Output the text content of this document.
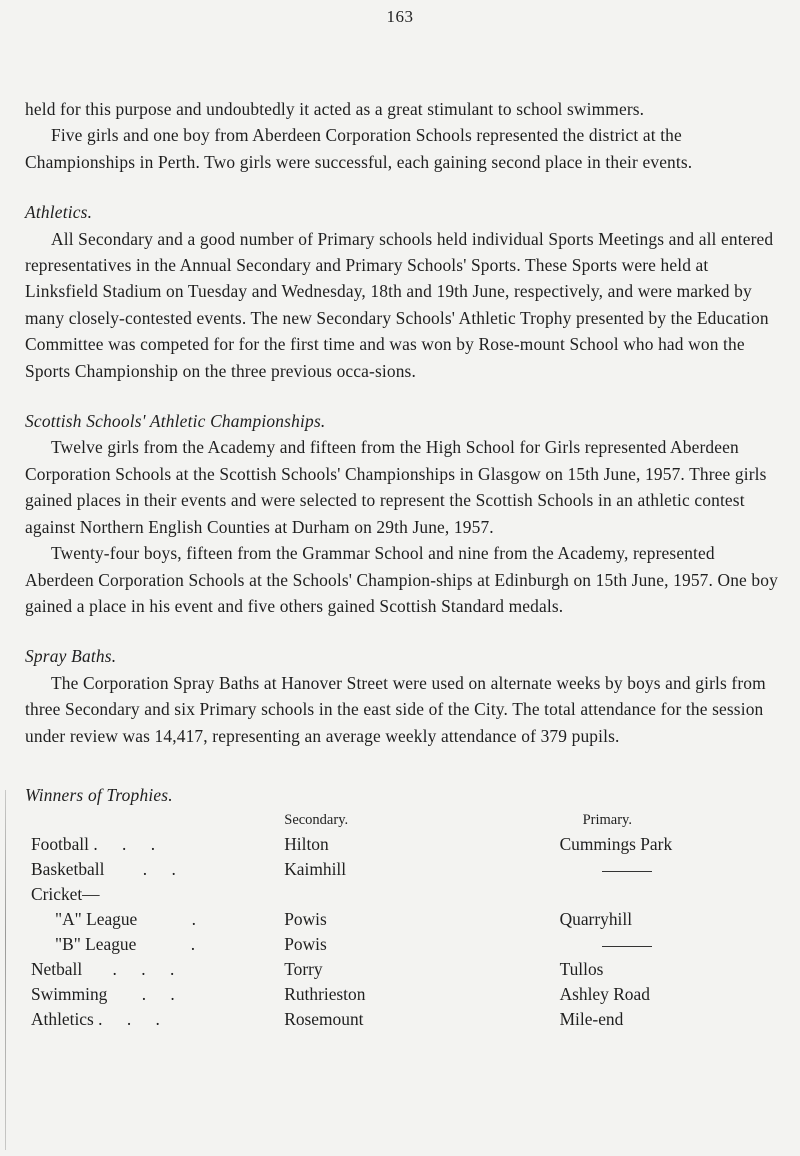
163

held for this purpose and undoubtedly it acted as a great stimulant to school swimmers.

Five girls and one boy from Aberdeen Corporation Schools represented the district at the Championships in Perth. Two girls were successful, each gaining second place in their events.

Athletics.

All Secondary and a good number of Primary schools held individual Sports Meetings and all entered representatives in the Annual Secondary and Primary Schools' Sports. These Sports were held at Linksfield Stadium on Tuesday and Wednesday, 18th and 19th June, respectively, and were marked by many closely-contested events. The new Secondary Schools' Athletic Trophy presented by the Education Committee was competed for for the first time and was won by Rose-mount School who had won the Sports Championship on the three previous occa-sions.

Scottish Schools' Athletic Championships.

Twelve girls from the Academy and fifteen from the High School for Girls represented Aberdeen Corporation Schools at the Scottish Schools' Championships in Glasgow on 15th June, 1957. Three girls gained places in their events and were selected to represent the Scottish Schools in an athletic contest against Northern English Counties at Durham on 29th June, 1957.

Twenty-four boys, fifteen from the Grammar School and nine from the Academy, represented Aberdeen Corporation Schools at the Schools' Champion-ships at Edinburgh on 15th June, 1957. One boy gained a place in his event and five others gained Scottish Standard medals.

Spray Baths.

The Corporation Spray Baths at Hanover Street were used on alternate weeks by boys and girls from three Secondary and six Primary schools in the east side of the City. The total attendance for the session under review was 14,417, representing an average weekly attendance of 379 pupils.

Winners of Trophies.
	Secondary.	Primary.
Football . . .	Hilton	Cummings Park
Basketball . .	Kaimhill	
Cricket—		
"A" League .	Powis	Quarryhill
"B" League .	Powis	
Netball . . .	Torry	Tullos
Swimming . .	Ruthrieston	Ashley Road
Athletics . . .	Rosemount	Mile-end
